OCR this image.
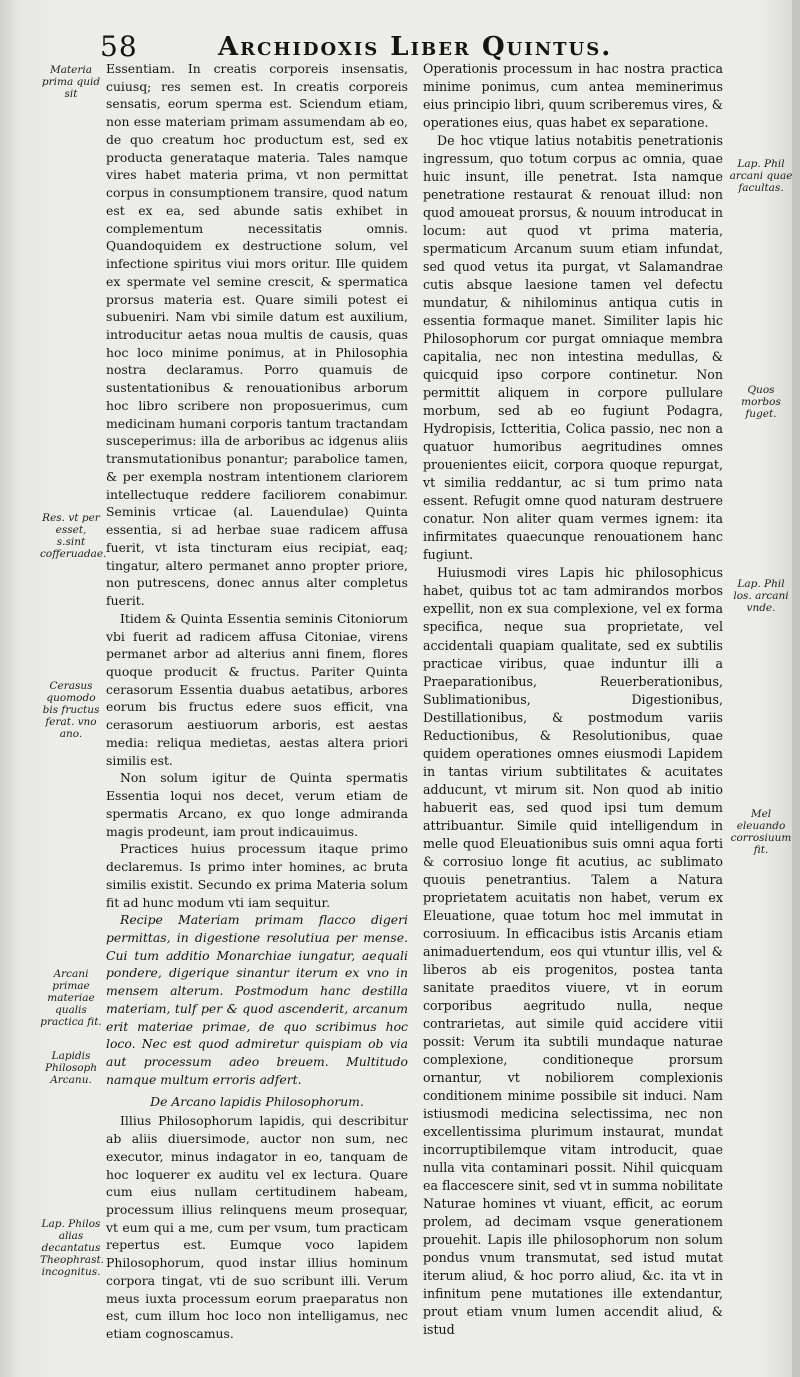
58	Archidoxis Liber Quintus.

Essentiam. In creatis corporeis insensatis, cuiusq; res semen est. In creatis corporeis sensatis, eorum sperma est. Sciendum etiam, non esse materiam primam assumendam ab eo, de quo creatum hoc productum est, sed ex producta generataque materia. Tales namque vires habet materia prima, vt non permittat corpus in consumptionem transire, quod natum est ex ea, sed abunde satis exhibet in complementum necessitatis omnis. Quandoquidem ex destructione solum, vel infectione spiritus viui mors oritur. Ille quidem ex spermate vel semine crescit, & spermatica prorsus materia est. Quare simili potest ei subueniri. Nam vbi simile datum est auxilium, introducitur aetas noua multis de causis, quas hoc loco minime ponimus, at in Philosophia nostra declaramus. Porro quamuis de sustentationibus & renouationibus arborum hoc libro scribere non proposuerimus, cum medicinam humani corporis tantum tractandam susceperimus: illa de arboribus ac idgenus aliis transmutationibus ponantur; parabolice tamen, & per exempla nostram intentionem clariorem intellectuque reddere faciliorem conabimur. Seminis vrticae (al. Lauendulae) Quinta essentia, si ad herbae suae radicem affusa fuerit, vt ista tincturam eius recipiat, eaq; tingatur, altero permanet anno propter priore, non putrescens, donec annus alter completus fuerit.

Itidem & Quinta Essentia seminis Citoniorum vbi fuerit ad radicem affusa Citoniae, virens permanet arbor ad alterius anni finem, flores quoque producit & fructus. Pariter Quinta cerasorum Essentia duabus aetatibus, arbores eorum bis fructus edere suos efficit, vna cerasorum aestiuorum arboris, est aestas media: reliqua medietas, aestas altera priori similis est.

Non solum igitur de Quinta spermatis Essentia loqui nos decet, verum etiam de spermatis Arcano, ex quo longe admiranda magis prodeunt, iam prout indicauimus.

Practices huius processum itaque primo declaremus. Is primo inter homines, ac bruta similis existit. Secundo ex prima Materia solum fit ad hunc modum vti iam sequitur.

Recipe Materiam primam flacco digeri permittas, in digestione resolutiua per mense. Cui tum additio Monarchiae iungatur, aequali pondere, digerique sinantur iterum ex vno in mensem alterum. Postmodum hanc destilla materiam, tulf per & quod ascenderit, arcanum erit materiae primae, de quo scribimus hoc loco. Nec est quod admiretur quispiam ob via aut processum adeo breuem. Multitudo namque multum erroris adfert.

De Arcano lapidis Philosophorum.

Illius Philosophorum lapidis, qui describitur ab aliis diuersimode, auctor non sum, nec executor, minus indagator in eo, tanquam de hoc loquerer ex auditu vel ex lectura. Quare cum eius nullam certitudinem habeam, processum illius relinquens meum prosequar, vt eum qui a me, cum per vsum, tum practicam repertus est. Eumque voco lapidem Philosophorum, quod instar illius hominum corpora tingat, vti de suo scribunt illi. Verum meus iuxta processum eorum praeparatus non est, cum illum hoc loco non intelligamus, nec etiam cognoscamus.

Operationis processum in hac nostra practica minime ponimus, cum antea meminerimus eius principio libri, quum scriberemus vires, & operationes eius, quas habet ex separatione.

De hoc vtique latius notabitis penetrationis ingressum, quo totum corpus ac omnia, quae huic insunt, ille penetrat. Ista namque penetratione restaurat & renouat illud: non quod amoueat prorsus, & nouum introducat in locum: aut quod vt prima materia, spermaticum Arcanum suum etiam infundat, sed quod vetus ita purgat, vt Salamandrae cutis absque laesione tamen vel defectu mundatur, & nihilominus antiqua cutis in essentia formaque manet. Similiter lapis hic Philosophorum cor purgat omniaque membra capitalia, nec non intestina medullas, & quicquid ipso corpore continetur. Non permittit aliquem in corpore pullulare morbum, sed ab eo fugiunt Podagra, Hydropisis, Ictteritia, Colica passio, nec non a quatuor humoribus aegritudines omnes prouenientes eiicit, corpora quoque repurgat, vt similia reddantur, ac si tum primo nata essent. Refugit omne quod naturam destruere conatur. Non aliter quam vermes ignem: ita infirmitates quaecunque renouationem hanc fugiunt.

Huiusmodi vires Lapis hic philosophicus habet, quibus tot ac tam admirandos morbos expellit, non ex sua complexione, vel ex forma specifica, neque sua proprietate, vel accidentali quapiam qualitate, sed ex subtilis practicae viribus, quae induntur illi a Praeparationibus, Reuerberationibus, Sublimationibus, Digestionibus, Destillationibus, & postmodum variis Reductionibus, & Resolutionibus, quae quidem operationes omnes eiusmodi Lapidem in tantas virium subtilitates & acuitates adducunt, vt mirum sit. Non quod ab initio habuerit eas, sed quod ipsi tum demum attribuantur. Simile quid intelligendum in melle quod Eleuationibus suis omni aqua forti & corrosiuo longe fit acutius, ac sublimato quouis penetrantius. Talem a Natura proprietatem acuitatis non habet, verum ex Eleuatione, quae totum hoc mel immutat in corrosiuum. In efficacibus istis Arcanis etiam animaduertendum, eos qui vtuntur illis, vel & liberos ab eis progenitos, postea tanta sanitate praeditos viuere, vt in eorum corporibus aegritudo nulla, neque contrarietas, aut simile quid accidere vitii possit: Verum ita subtili mundaque naturae complexione, conditioneque prorsum ornantur, vt nobiliorem complexionis conditionem minime possibile sit induci. Nam istiusmodi medicina selectissima, nec non excellentissima plurimum instaurat, mundat incorruptibilemque vitam introducit, quae nulla vita contaminari possit. Nihil quicquam ea flaccescere sinit, sed vt in summa nobilitate Naturae homines vt viuant, efficit, ac eorum prolem, ad decimam vsque generationem prouehit. Lapis ille philosophorum non solum pondus vnum transmutat, sed istud mutat iterum aliud, & hoc porro aliud, &c. ita vt in infinitum pene mutationes ille extendantur, prout etiam vnum lumen accendit aliud, & istud

Materia prima quid sit
Res. vt per esset, s.sint cofferuadae.
Cerasus quomodo bis fructus ferat. vno ano.
Arcani primae materiae qualis practica fit.
Lapidis Philosoph Arcanu.
Lap. Philos alias decantatus Theophrast. incognitus.
Lap. Phil arcani quae facultas.
Quos morbos fuget.
Lap. Phil los. arcani vnde.
Mel eleuando corrosiuum fit.
